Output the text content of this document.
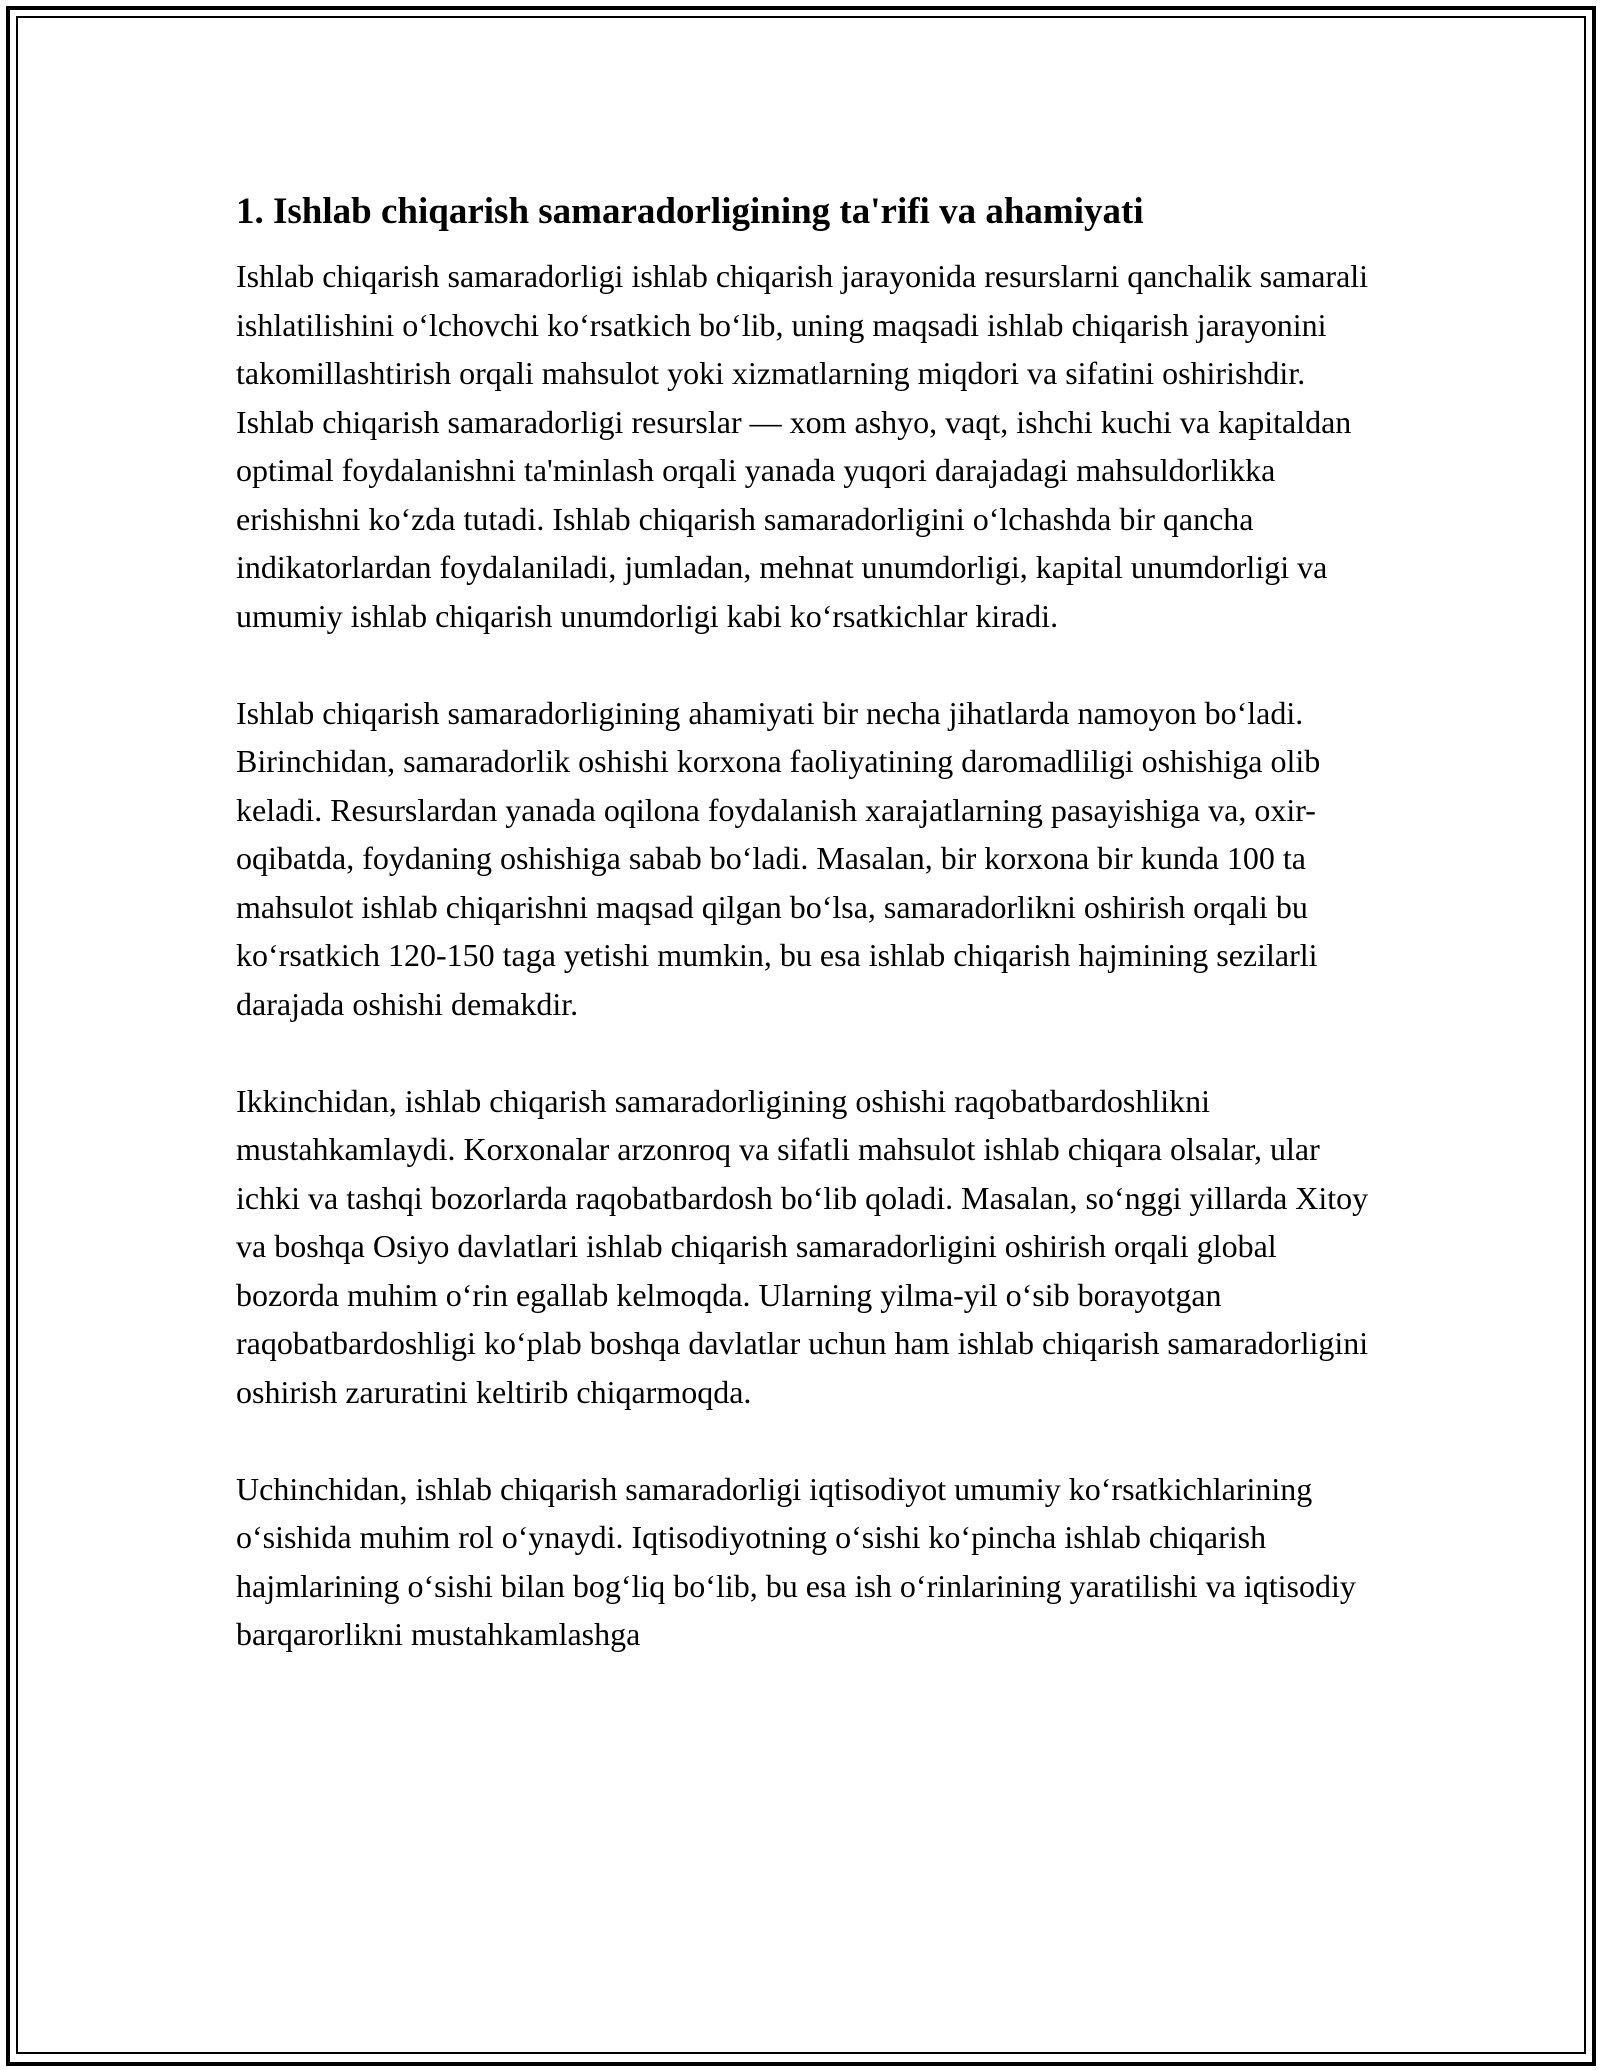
1. Ishlab chiqarish samaradorligining ta'rifi va ahamiyati

Ishlab chiqarish samaradorligi ishlab chiqarish jarayonida resurslarni qanchalik samarali ishlatilishini o‘lchovchi ko‘rsatkich bo‘lib, uning maqsadi ishlab chiqarish jarayonini takomillashtirish orqali mahsulot yoki xizmatlarning miqdori va sifatini oshirishdir. Ishlab chiqarish samaradorligi resurslar — xom ashyo, vaqt, ishchi kuchi va kapitaldan optimal foydalanishni ta'minlash orqali yanada yuqori darajadagi mahsuldorlikka erishishni ko‘zda tutadi. Ishlab chiqarish samaradorligini o‘lchashda bir qancha indikatorlardan foydalaniladi, jumladan, mehnat unumdorligi, kapital unumdorligi va umumiy ishlab chiqarish unumdorligi kabi ko‘rsatkichlar kiradi.

Ishlab chiqarish samaradorligining ahamiyati bir necha jihatlarda namoyon bo‘ladi. Birinchidan, samaradorlik oshishi korxona faoliyatining daromadliligi oshishiga olib keladi. Resurslardan yanada oqilona foydalanish xarajatlarning pasayishiga va, oxir-oqibatda, foydaning oshishiga sabab bo‘ladi. Masalan, bir korxona bir kunda 100 ta mahsulot ishlab chiqarishni maqsad qilgan bo‘lsa, samaradorlikni oshirish orqali bu ko‘rsatkich 120-150 taga yetishi mumkin, bu esa ishlab chiqarish hajmining sezilarli darajada oshishi demakdir.

Ikkinchidan, ishlab chiqarish samaradorligining oshishi raqobatbardoshlikni mustahkamlaydi. Korxonalar arzonroq va sifatli mahsulot ishlab chiqara olsalar, ular ichki va tashqi bozorlarda raqobatbardosh bo‘lib qoladi. Masalan, so‘nggi yillarda Xitoy va boshqa Osiyo davlatlari ishlab chiqarish samaradorligini oshirish orqali global bozorda muhim o‘rin egallab kelmoqda. Ularning yilma-yil o‘sib borayotgan raqobatbardoshligi ko‘plab boshqa davlatlar uchun ham ishlab chiqarish samaradorligini oshirish zaruratini keltirib chiqarmoqda.

Uchinchidan, ishlab chiqarish samaradorligi iqtisodiyot umumiy ko‘rsatkichlarining o‘sishida muhim rol o‘ynaydi. Iqtisodiyotning o‘sishi ko‘pincha ishlab chiqarish hajmlarining o‘sishi bilan bog‘liq bo‘lib, bu esa ish o‘rinlarining yaratilishi va iqtisodiy barqarorlikni mustahkamlashga
